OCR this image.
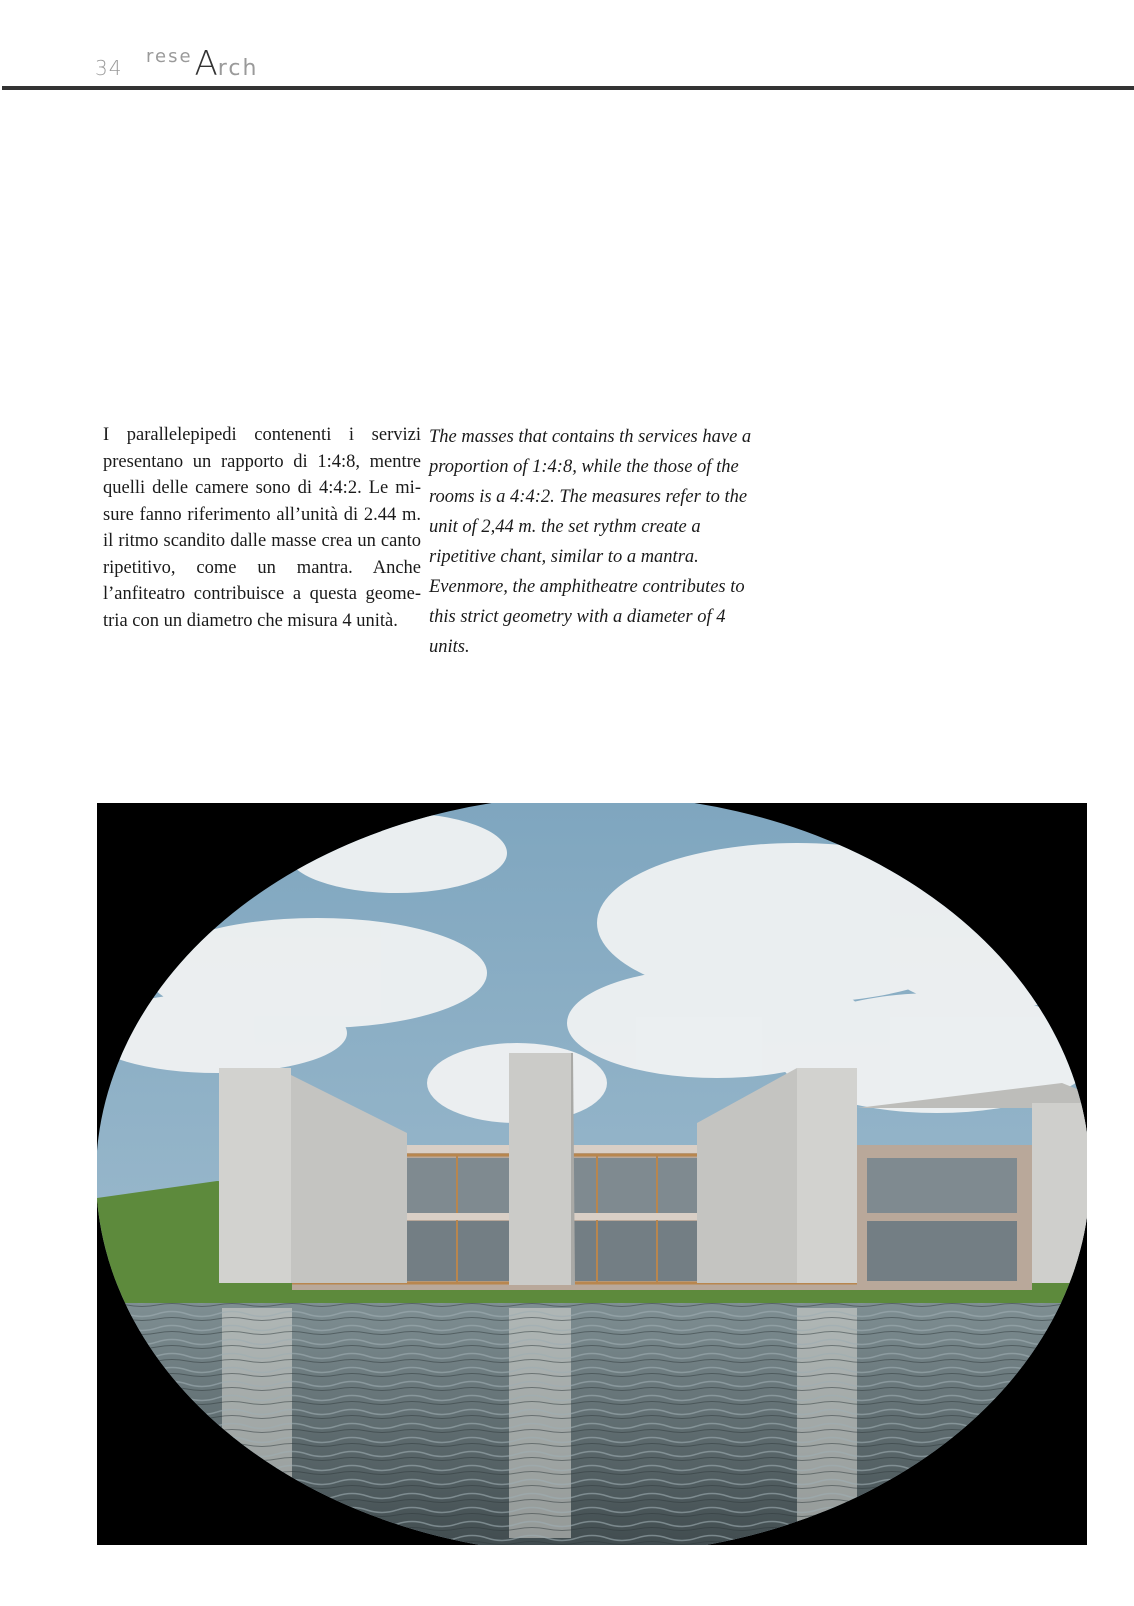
34 reseArch
I parallelepipedi contenenti i servizi presentano un rapporto di 1:4:8, mentre quelli delle camere sono di 4:4:2. Le misure fanno riferimento all’unità di 2.44 m. il ritmo scandito dalle masse crea un canto ripetitivo, come un mantra. Anche l’anfiteatro contribuisce a questa geometria con un diametro che misura 4 unità.
The masses that contains th services have a proportion of 1:4:8, while the those of the rooms is a 4:4:2. The measures refer to the unit of 2,44 m. the set rythm create a ripetitive chant, similar to a mantra. Evenmore, the amphitheatre contributes to this strict geometry with a diameter of 4 units.
